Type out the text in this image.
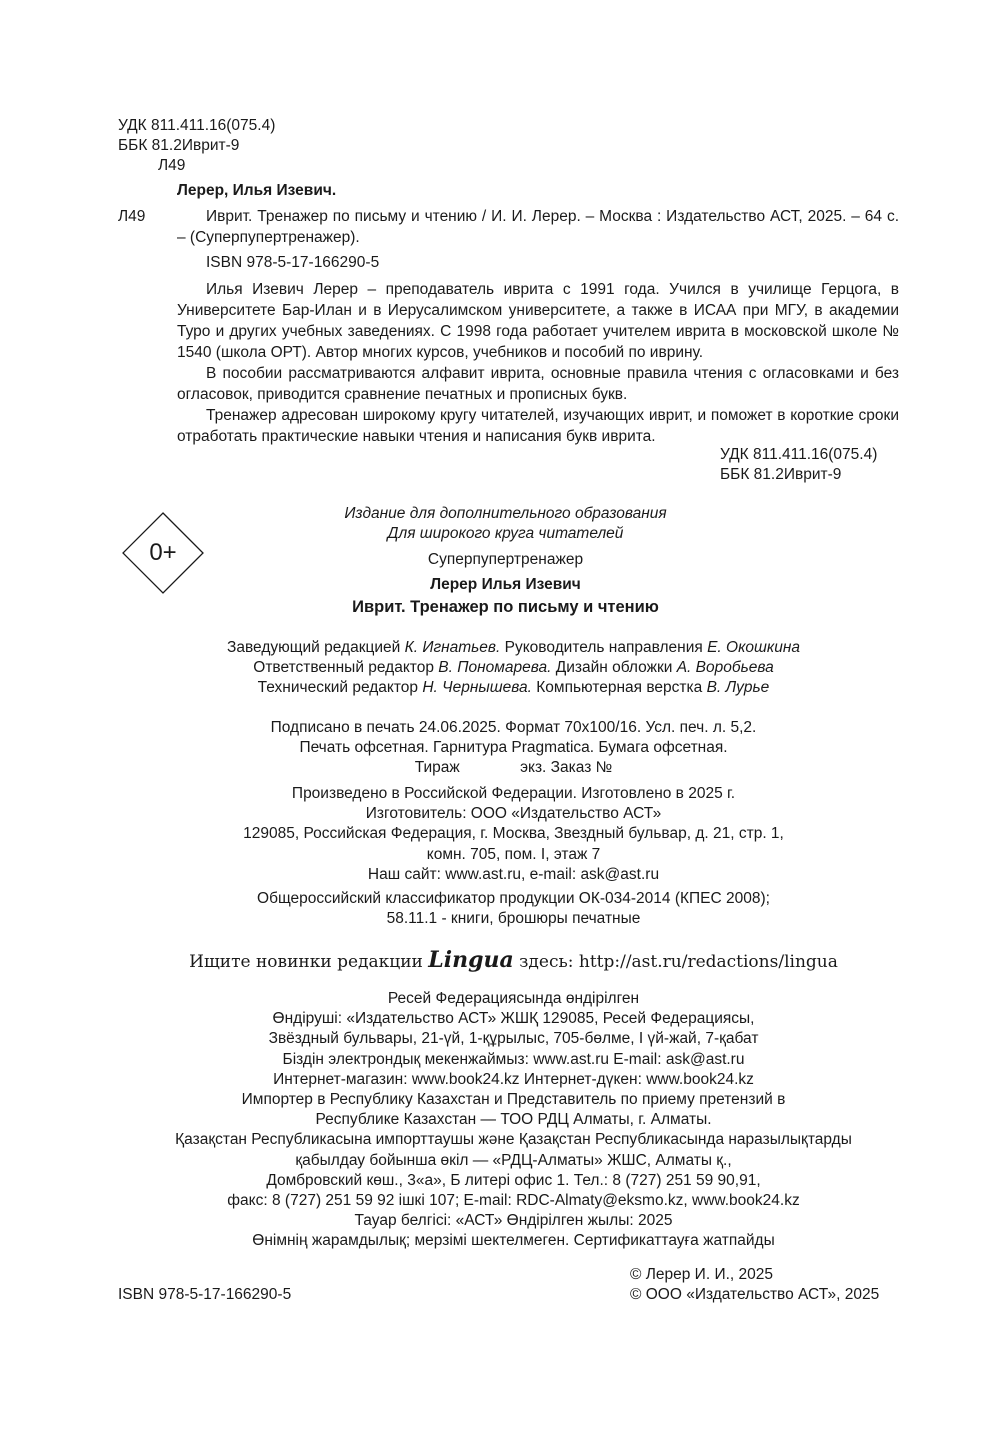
УДК 811.411.16(075.4)
ББК 81.2Иврит-9
Л49
Лерер, Илья Изевич.
Л49	Иврит. Тренажер по письму и чтению / И. И. Лерер. – Москва : Издательство АСТ, 2025. – 64 с. – (Суперпупертренажер).
ISBN 978-5-17-166290-5
Илья Изевич Лерер – преподаватель иврита с 1991 года. Учился в училище Герцога, в Университете Бар-Илан и в Иерусалимском университете, а также в ИСАА при МГУ, в академии Туро и других учебных заведениях. С 1998 года работает учителем иврита в московской школе № 1540 (школа ОРТ). Автор многих курсов, учебников и пособий по иврину.
В пособии рассматриваются алфавит иврита, основные правила чтения с огласовками и без огласовок, приводится сравнение печатных и прописных букв.
Тренажер адресован широкому кругу читателей, изучающих иврит, и поможет в короткие сроки отработать практические навыки чтения и написания букв иврита.
УДК 811.411.16(075.4)
ББК 81.2Иврит-9
0+
Издание для дополнительного образования
Для широкого круга читателей
Суперпупертренажер
Лерер Илья Изевич
Иврит. Тренажер по письму и чтению
Заведующий редакцией К. Игнатьев. Руководитель направления Е. Окошкина
Ответственный редактор В. Пономарева. Дизайн обложки А. Воробьева
Технический редактор Н. Чернышева. Компьютерная верстка В. Лурье
Подписано в печать 24.06.2025. Формат 70x100/16. Усл. печ. л. 5,2.
Печать офсетная. Гарнитура Pragmatica. Бумага офсетная.
Тираж              экз. Заказ №
Произведено в Российской Федерации. Изготовлено в 2025 г.
Изготовитель: ООО «Издательство АСТ»
129085, Российская Федерация, г. Москва, Звездный бульвар, д. 21, стр. 1,
комн. 705, пом. I, этаж 7
Наш сайт: www.ast.ru, e-mail: ask@ast.ru
Общероссийский классификатор продукции ОК-034-2014 (КПЕС 2008);
58.11.1 - книги, брошюры печатные
Ищите новинки редакции Lingua здесь: http://ast.ru/redactions/lingua
Ресей Федерациясында өндірілген
Өндіруші: «Издательство АСТ» ЖШҚ 129085, Ресей Федерациясы,
Звёздный бульвары, 21-үй, 1-құрылыс, 705-бөлме, I үй-жай, 7-қабат
Біздін электрондық мекенжаймыз: www.ast.ru E-mail: ask@ast.ru
Интернет-магазин: www.book24.kz Интернет-дүкен: www.book24.kz
Импортер в Республику Казахстан и Представитель по приему претензий в
Республике Казахстан — ТОО РДЦ Алматы, г. Алматы.
Қазақстан Республикасына импорттаушы және Қазақстан Республикасында наразылықтарды
қабылдау бойынша өкіл — «РДЦ-Алматы» ЖШС, Алматы қ.,
Домбровский көш., 3«а», Б литері офис 1. Тел.: 8 (727) 251 59 90,91,
факс: 8 (727) 251 59 92 ішкі 107; E-mail: RDC-Almaty@eksmo.kz, www.book24.kz
Тауар белгісі: «АСТ» Өндірілген жылы: 2025
Өнімнің жарамдылық; мерзімі шектелмеген. Сертификаттауға жатпайды
© Лерер И. И., 2025
© ООО «Издательство АСТ», 2025
ISBN 978-5-17-166290-5
